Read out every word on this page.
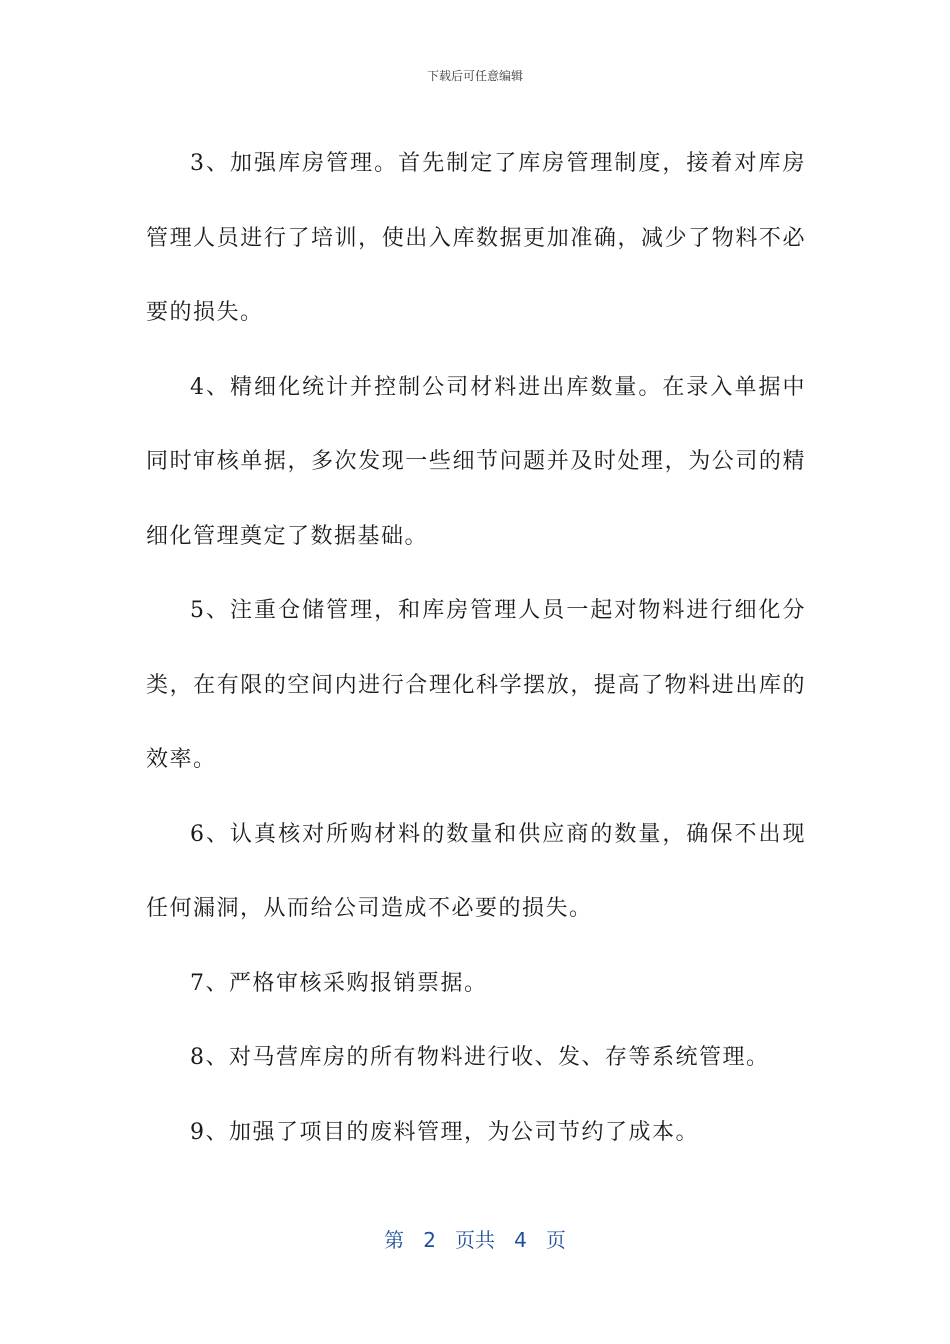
下载后可任意编辑

3、加强库房管理。首先制定了库房管理制度，接着对库房管理人员进行了培训，使出入库数据更加准确，减少了物料不必要的损失。

4、精细化统计并控制公司材料进出库数量。在录入单据中同时审核单据，多次发现一些细节问题并及时处理，为公司的精细化管理奠定了数据基础。

5、注重仓储管理，和库房管理人员一起对物料进行细化分类，在有限的空间内进行合理化科学摆放，提高了物料进出库的效率。

6、认真核对所购材料的数量和供应商的数量，确保不出现任何漏洞，从而给公司造成不必要的损失。

7、严格审核采购报销票据。

8、对马营库房的所有物料进行收、发、存等系统管理。

9、加强了项目的废料管理，为公司节约了成本。

第 2 页共 4 页
